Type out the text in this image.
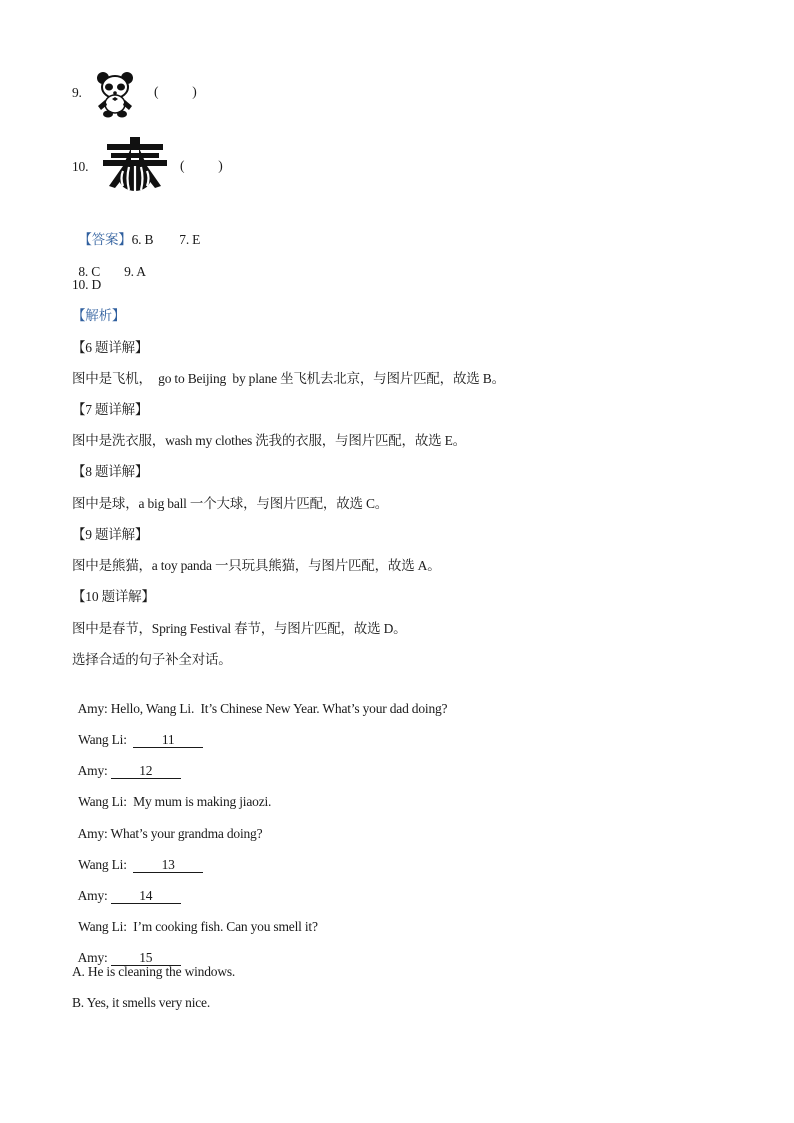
9.	(          )
10.	(          )

【答案】6. B 7. E

8. C 9. A

10. D
【解析】
【6 题详解】
图中是飞机，  go to Beijing  by plane 坐飞机去北京，与图片匹配，故选 B。
【7 题详解】
图中是洗衣服，wash my clothes 洗我的衣服，与图片匹配，故选 E。
【8 题详解】
图中是球，a big ball 一个大球，与图片匹配，故选 C。
【9 题详解】
图中是熊猫，a toy panda 一只玩具熊猫，与图片匹配，故选 A。
【10 题详解】
图中是春节，Spring Festival 春节，与图片匹配，故选 D。
选择合适的句子补全对话。

Amy: Hello, Wang Li.  It’s Chinese New Year. What’s your dad doing?

Wang Li:	11

Amy: 12

Wang Li: My mum is making jiaozi.

Amy: What’s your grandma doing?

Wang Li:	13

Amy: 14

Wang Li: I’m cooking fish. Can you smell it?

Amy: 15

A. He is cleaning the windows.
B. Yes, it smells very nice.
